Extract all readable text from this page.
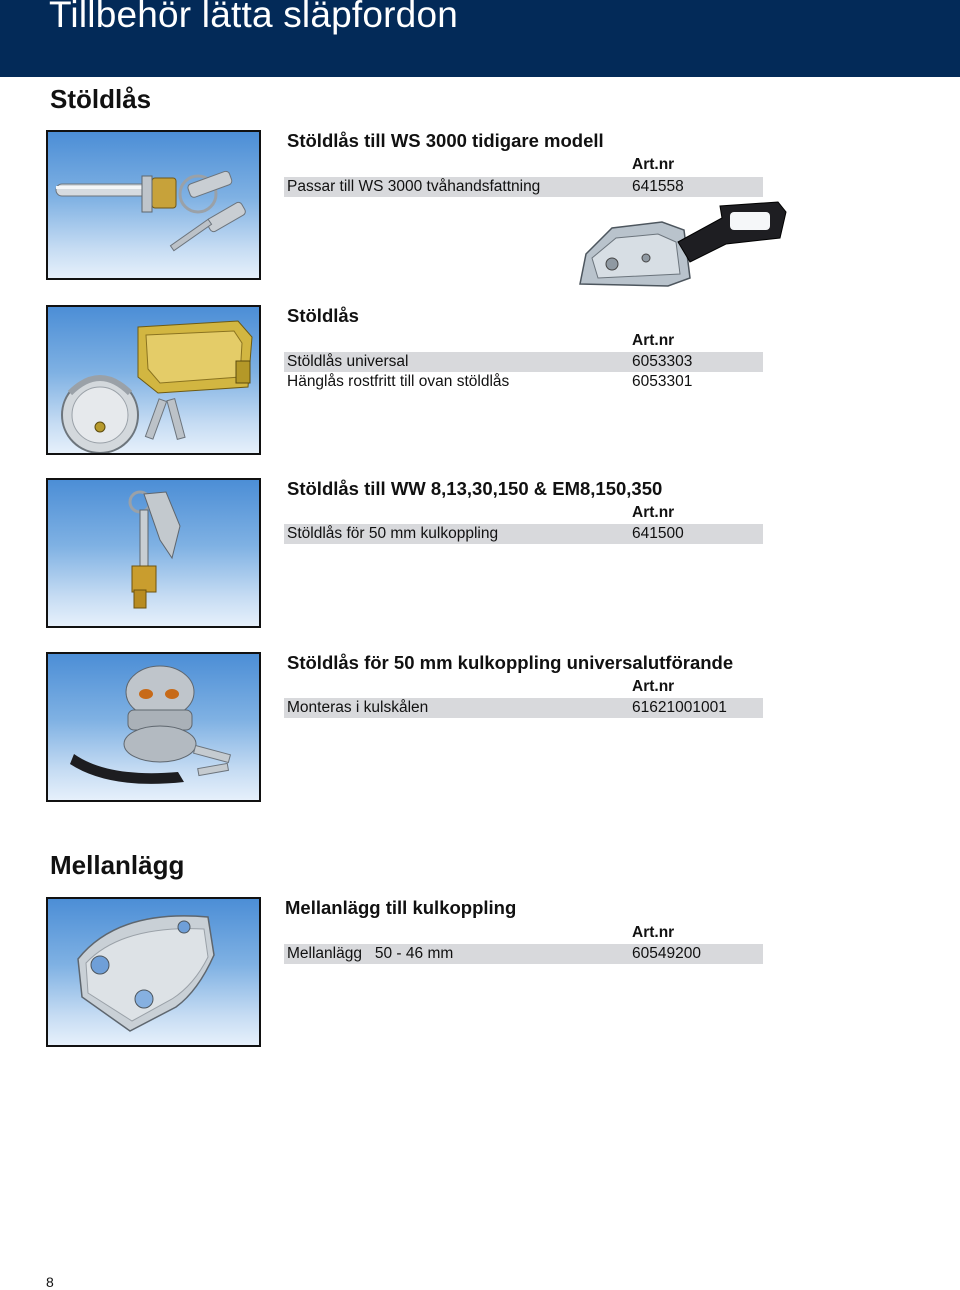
Tillbehör lätta släpfordon
Stöldlås
Stöldlås till WS 3000 tidigare modell
Art.nr
Passar till WS 3000 tvåhandsfattning	641558
Stöldlås
Art.nr
Stöldlås universal	6053303
Hänglås rostfritt till ovan stöldlås	6053301
Stöldlås till WW 8,13,30,150 & EM8,150,350
Art.nr
Stöldlås för 50 mm kulkoppling	641500
Stöldlås för 50 mm kulkoppling universalutförande
Art.nr
Monteras i kulskålen	61621001001
Mellanlägg
Mellanlägg till kulkoppling
Art.nr
Mellanlägg   50 - 46 mm	60549200
8
